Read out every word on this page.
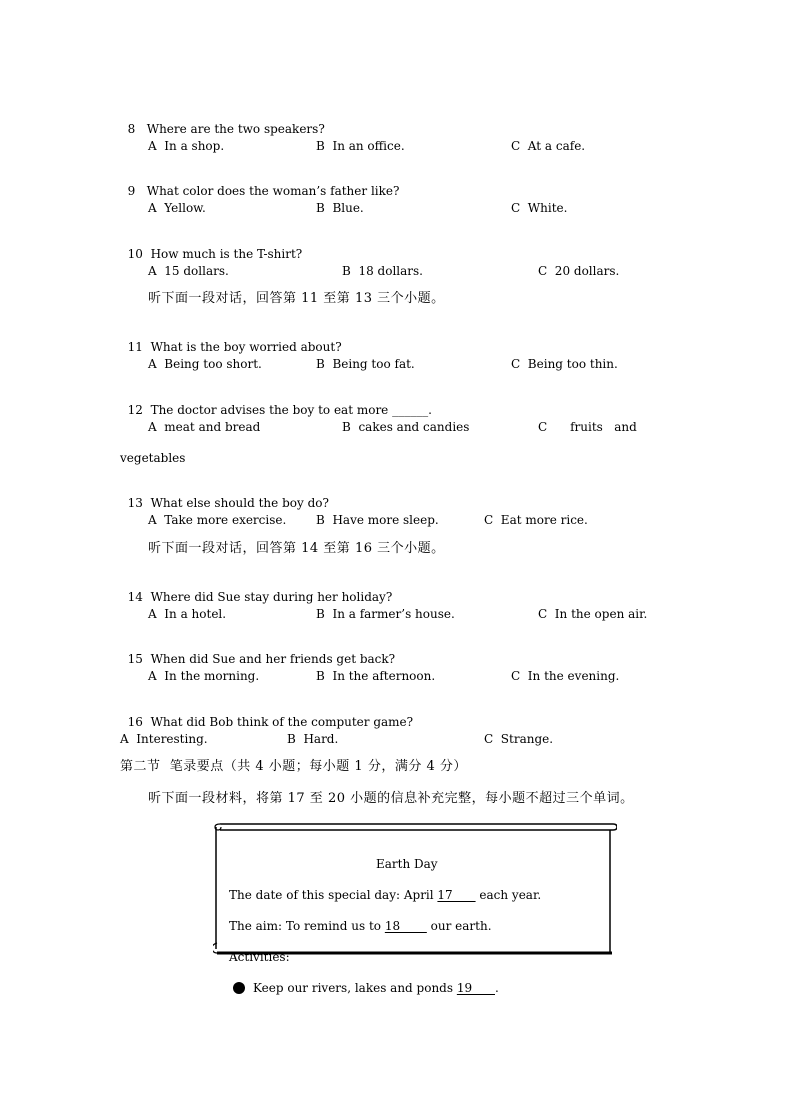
8 Where are the two speakers?

A  In a shop.	B  In an office.	C  At a cafe.

9 What color does the woman’s father like?

A  Yellow.	B  Blue.	C  White.

10 How much is the T-shirt?

A  15 dollars.	B  18 dollars.	C  20 dollars.
听下面一段对话，回答第 11 至第 13 三个小题。

11 What is the boy worried about?

A  Being too short.	B  Being too fat.	C  Being too thin.

12 The doctor advises the boy to eat more ______.

A  meat and bread	B  cakes and candies	C      fruits   and
vegetables

13 What else should the boy do?

A  Take more exercise. B  Have more sleep.	C  Eat more rice.
听下面一段对话，回答第 14 至第 16 三个小题。

14 Where did Sue stay during her holiday?

A  In a hotel.	B  In a farmer’s house.	C  In the open air.

15 When did Sue and her friends get back?

A  In the morning.	B  In the afternoon.	C  In the evening.

16 What did Bob think of the computer game?

A  Interesting.	B  Hard.	C  Strange.
第二节  笔录要点（共 4 小题；每小题 1 分，满分 4 分）
听下面一段材料，将第 17 至 20 小题的信息补充完整，每小题不超过三个单词。
Earth Day
The date of this special day: April 17       each year.
The aim: To remind us to 18        our earth.
Activities:
Keep our rivers, lakes and ponds 19      .
